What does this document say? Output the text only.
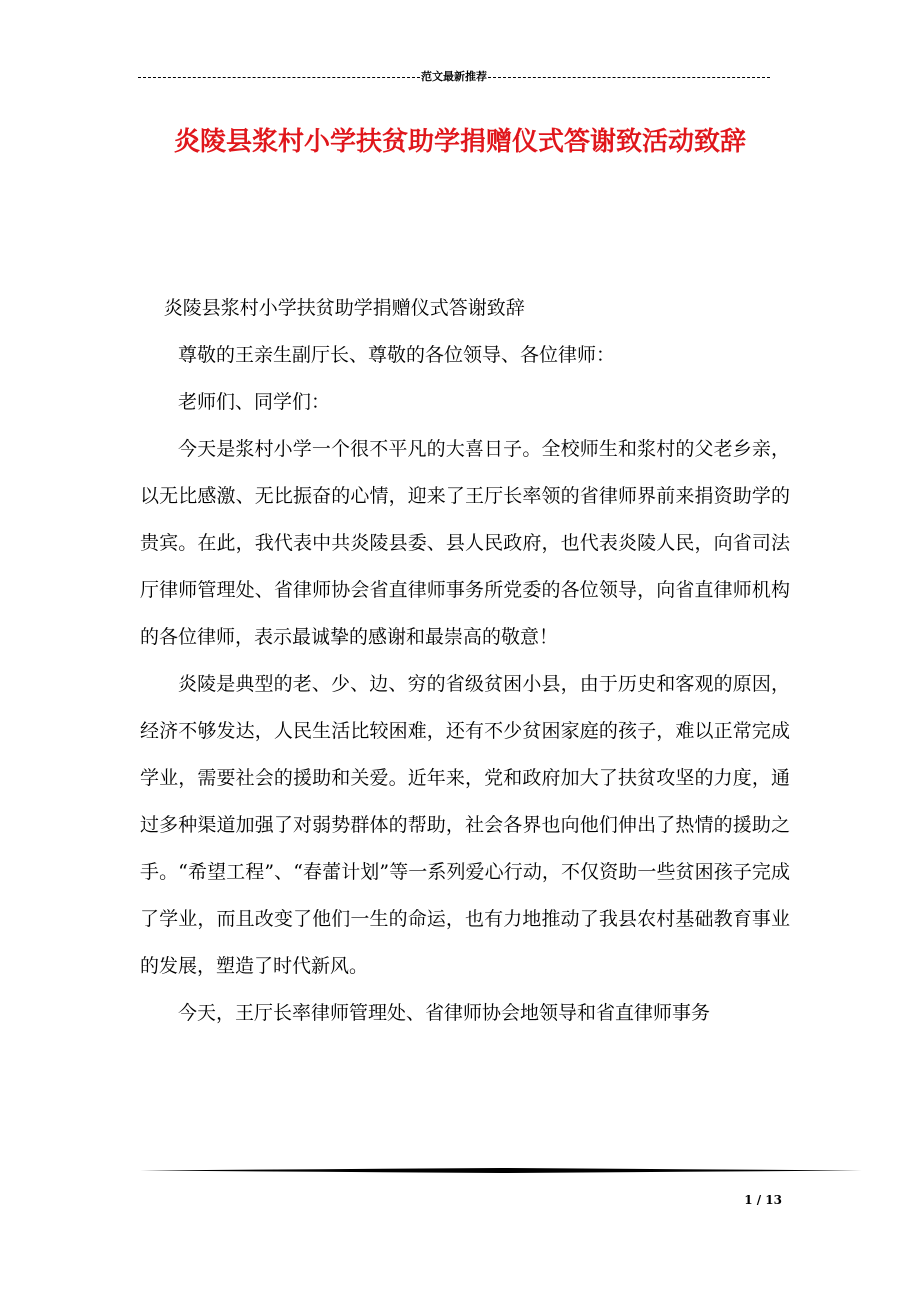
范文最新推荐
炎陵县浆村小学扶贫助学捐赠仪式答谢致活动致辞

炎陵县浆村小学扶贫助学捐赠仪式答谢致辞

尊敬的王亲生副厅长、尊敬的各位领导、各位律师：

老师们、同学们：

今天是浆村小学一个很不平凡的大喜日子。全校师生和浆村的父老乡亲，以无比感激、无比振奋的心情，迎来了王厅长率领的省律师界前来捐资助学的贵宾。在此，我代表中共炎陵县委、县人民政府，也代表炎陵人民，向省司法厅律师管理处、省律师协会省直律师事务所党委的各位领导，向省直律师机构的各位律师，表示最诚挚的感谢和最崇高的敬意！

炎陵是典型的老、少、边、穷的省级贫困小县，由于历史和客观的原因，经济不够发达，人民生活比较困难，还有不少贫困家庭的孩子，难以正常完成学业，需要社会的援助和关爱。近年来，党和政府加大了扶贫攻坚的力度，通过多种渠道加强了对弱势群体的帮助，社会各界也向他们伸出了热情的援助之手。“希望工程”、“春蕾计划”等一系列爱心行动，不仅资助一些贫困孩子完成了学业，而且改变了他们一生的命运，也有力地推动了我县农村基础教育事业的发展，塑造了时代新风。

今天，王厅长率律师管理处、省律师协会地领导和省直律师事务

1 / 13
